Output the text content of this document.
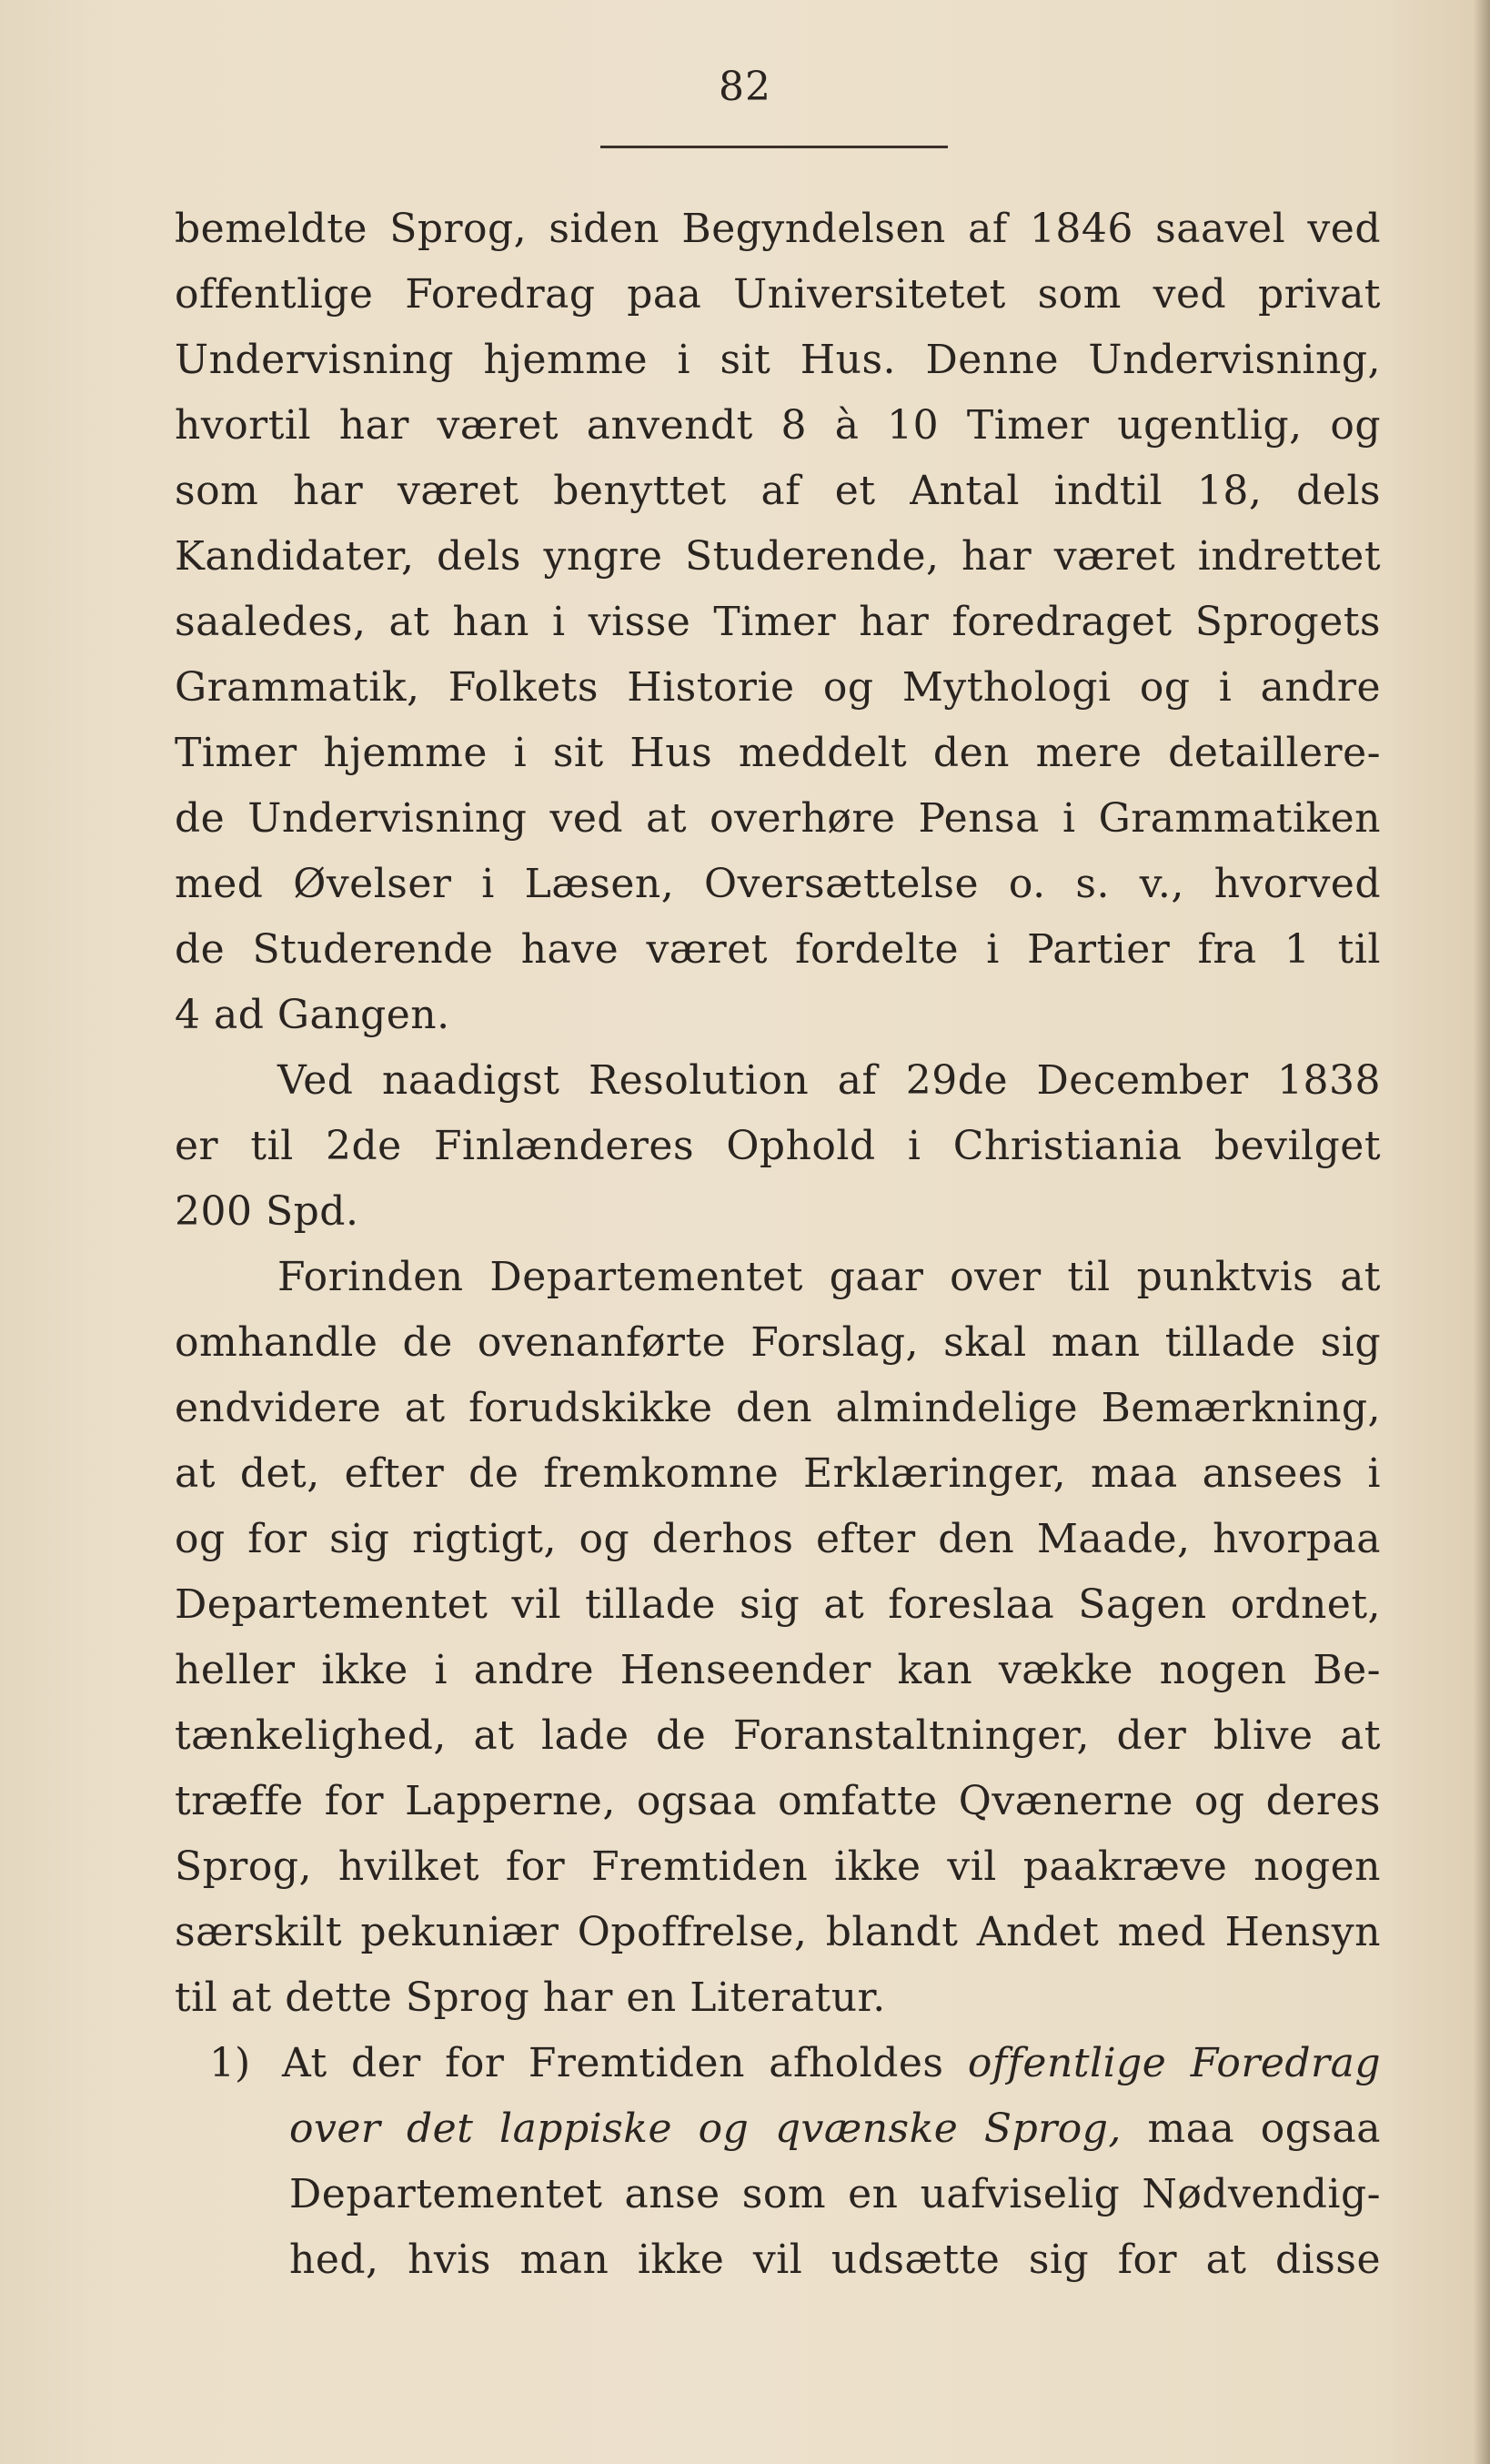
82
bemeldte Sprog, siden Begyndelsen af 1846 saavel ved
offentlige Foredrag paa Universitetet som ved privat
Undervisning hjemme i sit Hus. Denne Undervisning,
hvortil har været anvendt 8 à 10 Timer ugentlig, og
som har været benyttet af et Antal indtil 18, dels
Kandidater, dels yngre Studerende, har været indrettet
saaledes, at han i visse Timer har foredraget Sprogets
Grammatik, Folkets Historie og Mythologi og i andre
Timer hjemme i sit Hus meddelt den mere detaillere-
de Undervisning ved at overhøre Pensa i Grammatiken
med Øvelser i Læsen, Oversættelse o. s. v., hvorved
de Studerende have været fordelte i Partier fra 1 til
4 ad Gangen.
Ved naadigst Resolution af 29de December 1838
er til 2de Finlænderes Ophold i Christiania bevilget
200 Spd.
Forinden Departementet gaar over til punktvis at
omhandle de ovenanførte Forslag, skal man tillade sig
endvidere at forudskikke den almindelige Bemærkning,
at det, efter de fremkomne Erklæringer, maa ansees i
og for sig rigtigt, og derhos efter den Maade, hvorpaa
Departementet vil tillade sig at foreslaa Sagen ordnet,
heller ikke i andre Henseender kan vække nogen Be-
tænkelighed, at lade de Foranstaltninger, der blive at
træffe for Lapperne, ogsaa omfatte Qvænerne og deres
Sprog, hvilket for Fremtiden ikke vil paakræve nogen
særskilt pekuniær Opoffrelse, blandt Andet med Hensyn
til at dette Sprog har en Literatur.
1) At der for Fremtiden afholdes offentlige Foredrag
over det lappiske og qvænske Sprog, maa ogsaa
Departementet anse som en uafviselig Nødvendig-
hed, hvis man ikke vil udsætte sig for at disse
